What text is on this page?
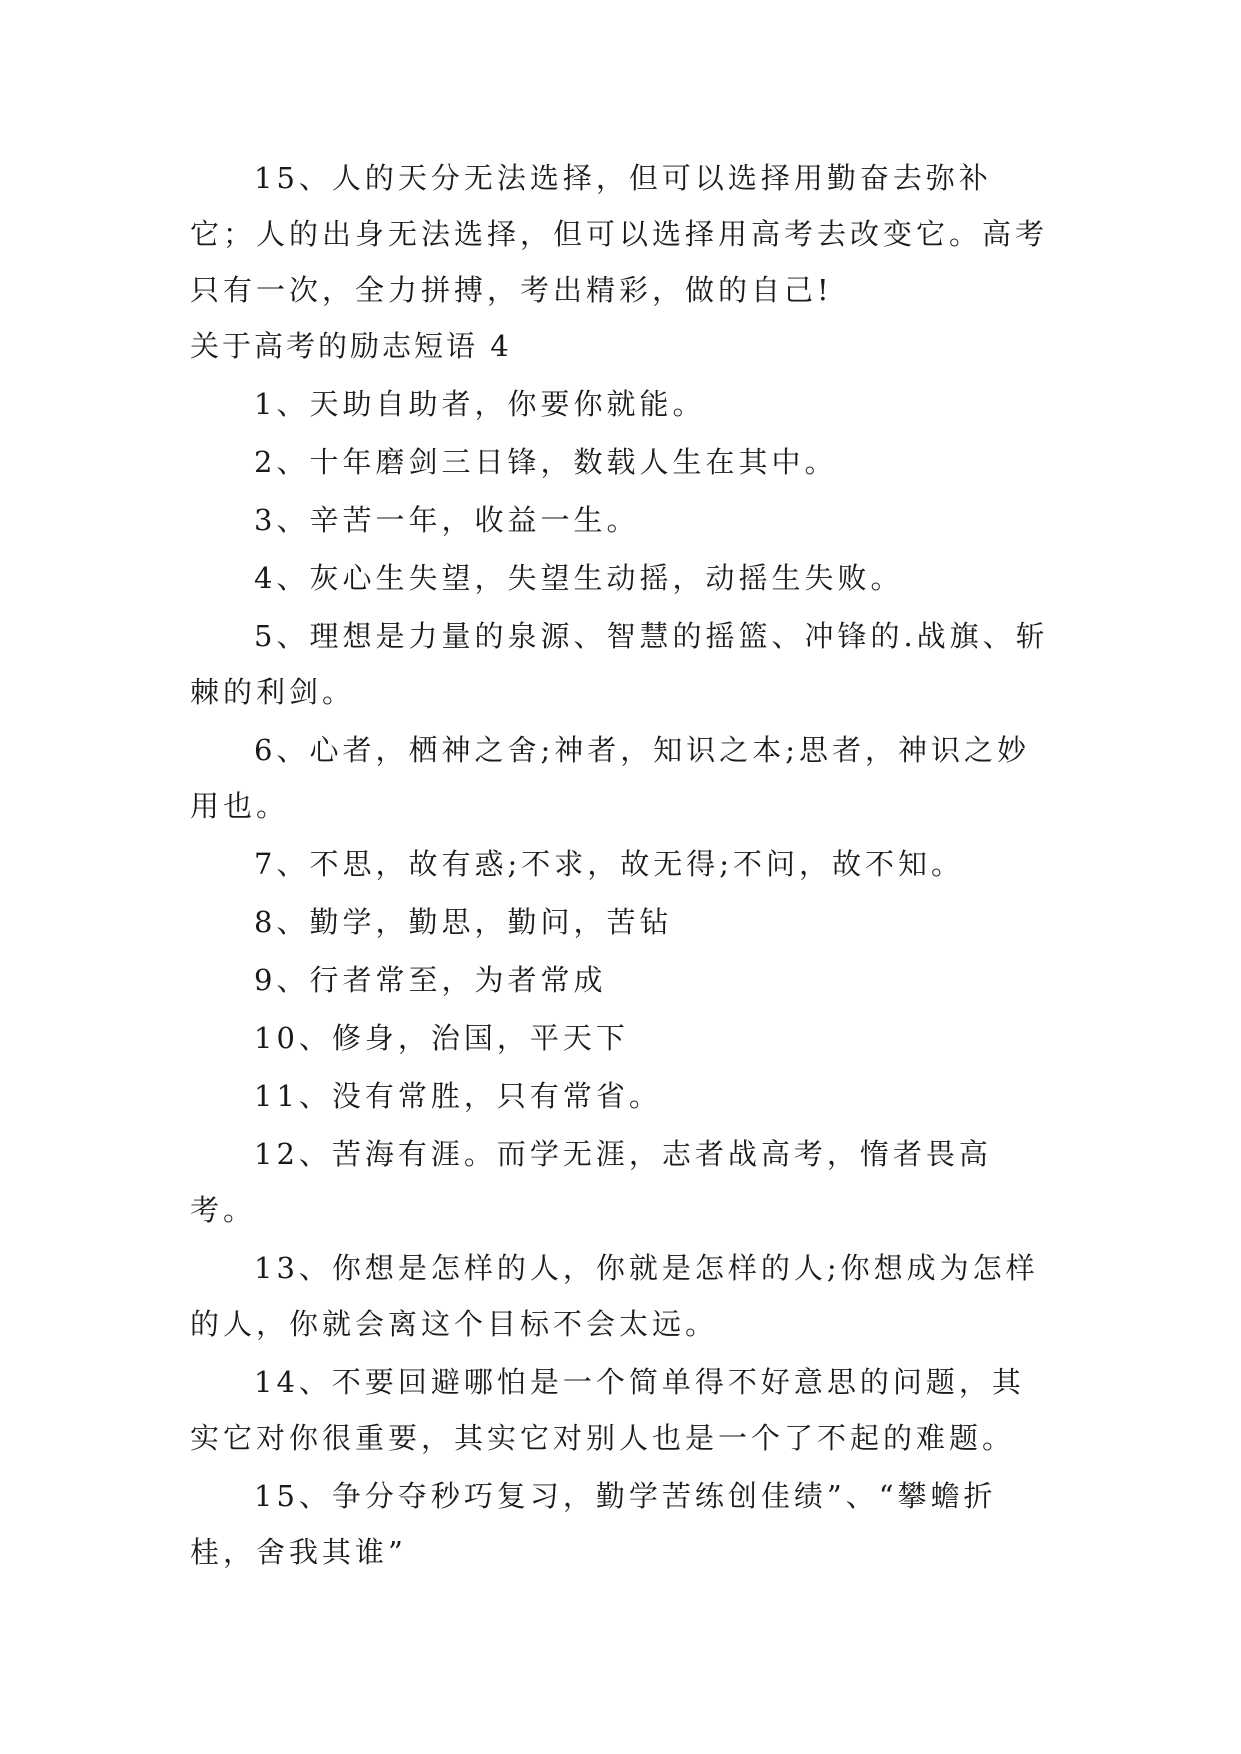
15、人的天分无法选择，但可以选择用勤奋去弥补它；人的出身无法选择，但可以选择用高考去改变它。高考只有一次，全力拼搏，考出精彩，做的自己!

关于高考的励志短语 4

1、天助自助者，你要你就能。

2、十年磨剑三日锋，数载人生在其中。

3、辛苦一年，收益一生。

4、灰心生失望，失望生动摇，动摇生失败。

5、理想是力量的泉源、智慧的摇篮、冲锋的.战旗、斩棘的利剑。

6、心者，栖神之舍;神者，知识之本;思者，神识之妙用也。

7、不思，故有惑;不求，故无得;不问，故不知。

8、勤学，勤思，勤问，苦钻

9、行者常至，为者常成

10、修身，治国，平天下

11、没有常胜，只有常省。

12、苦海有涯。而学无涯，志者战高考，惰者畏高考。

13、你想是怎样的人，你就是怎样的人;你想成为怎样的人，你就会离这个目标不会太远。

14、不要回避哪怕是一个简单得不好意思的问题，其实它对你很重要，其实它对别人也是一个了不起的难题。

15、争分夺秒巧复习，勤学苦练创佳绩”、“攀蟾折桂，舍我其谁”
